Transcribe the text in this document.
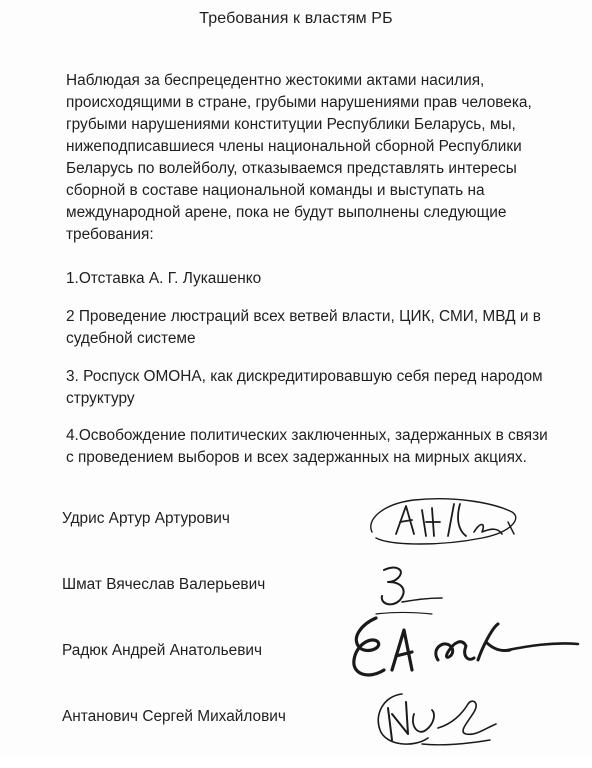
Требования к властям РБ

Наблюдая за беспрецедентно жестокими актами насилия,
происходящими в стране, грубыми нарушениями прав человека,
грубыми нарушениями конституции Республики Беларусь, мы,
нижеподписавшиеся члены национальной сборной Республики
Беларусь по волейболу, отказываемся представлять интересы
сборной в составе национальной команды и выступать на
международной арене, пока не будут выполнены следующие
требования:

1.Отставка А. Г. Лукашенко

2 Проведение люстраций всех ветвей власти, ЦИК, СМИ, МВД и в
судебной системе

3. Роспуск ОМОНА, как дискредитировавшую себя перед народом
структуру

4.Освобождение политических заключенных, задержанных в связи
с проведением выборов и всех задержанных на мирных акциях.

Удрис Артур Артурович
Шмат Вячеслав Валерьевич
Радюк Андрей Анатольевич
Антанович Сергей Михайлович
